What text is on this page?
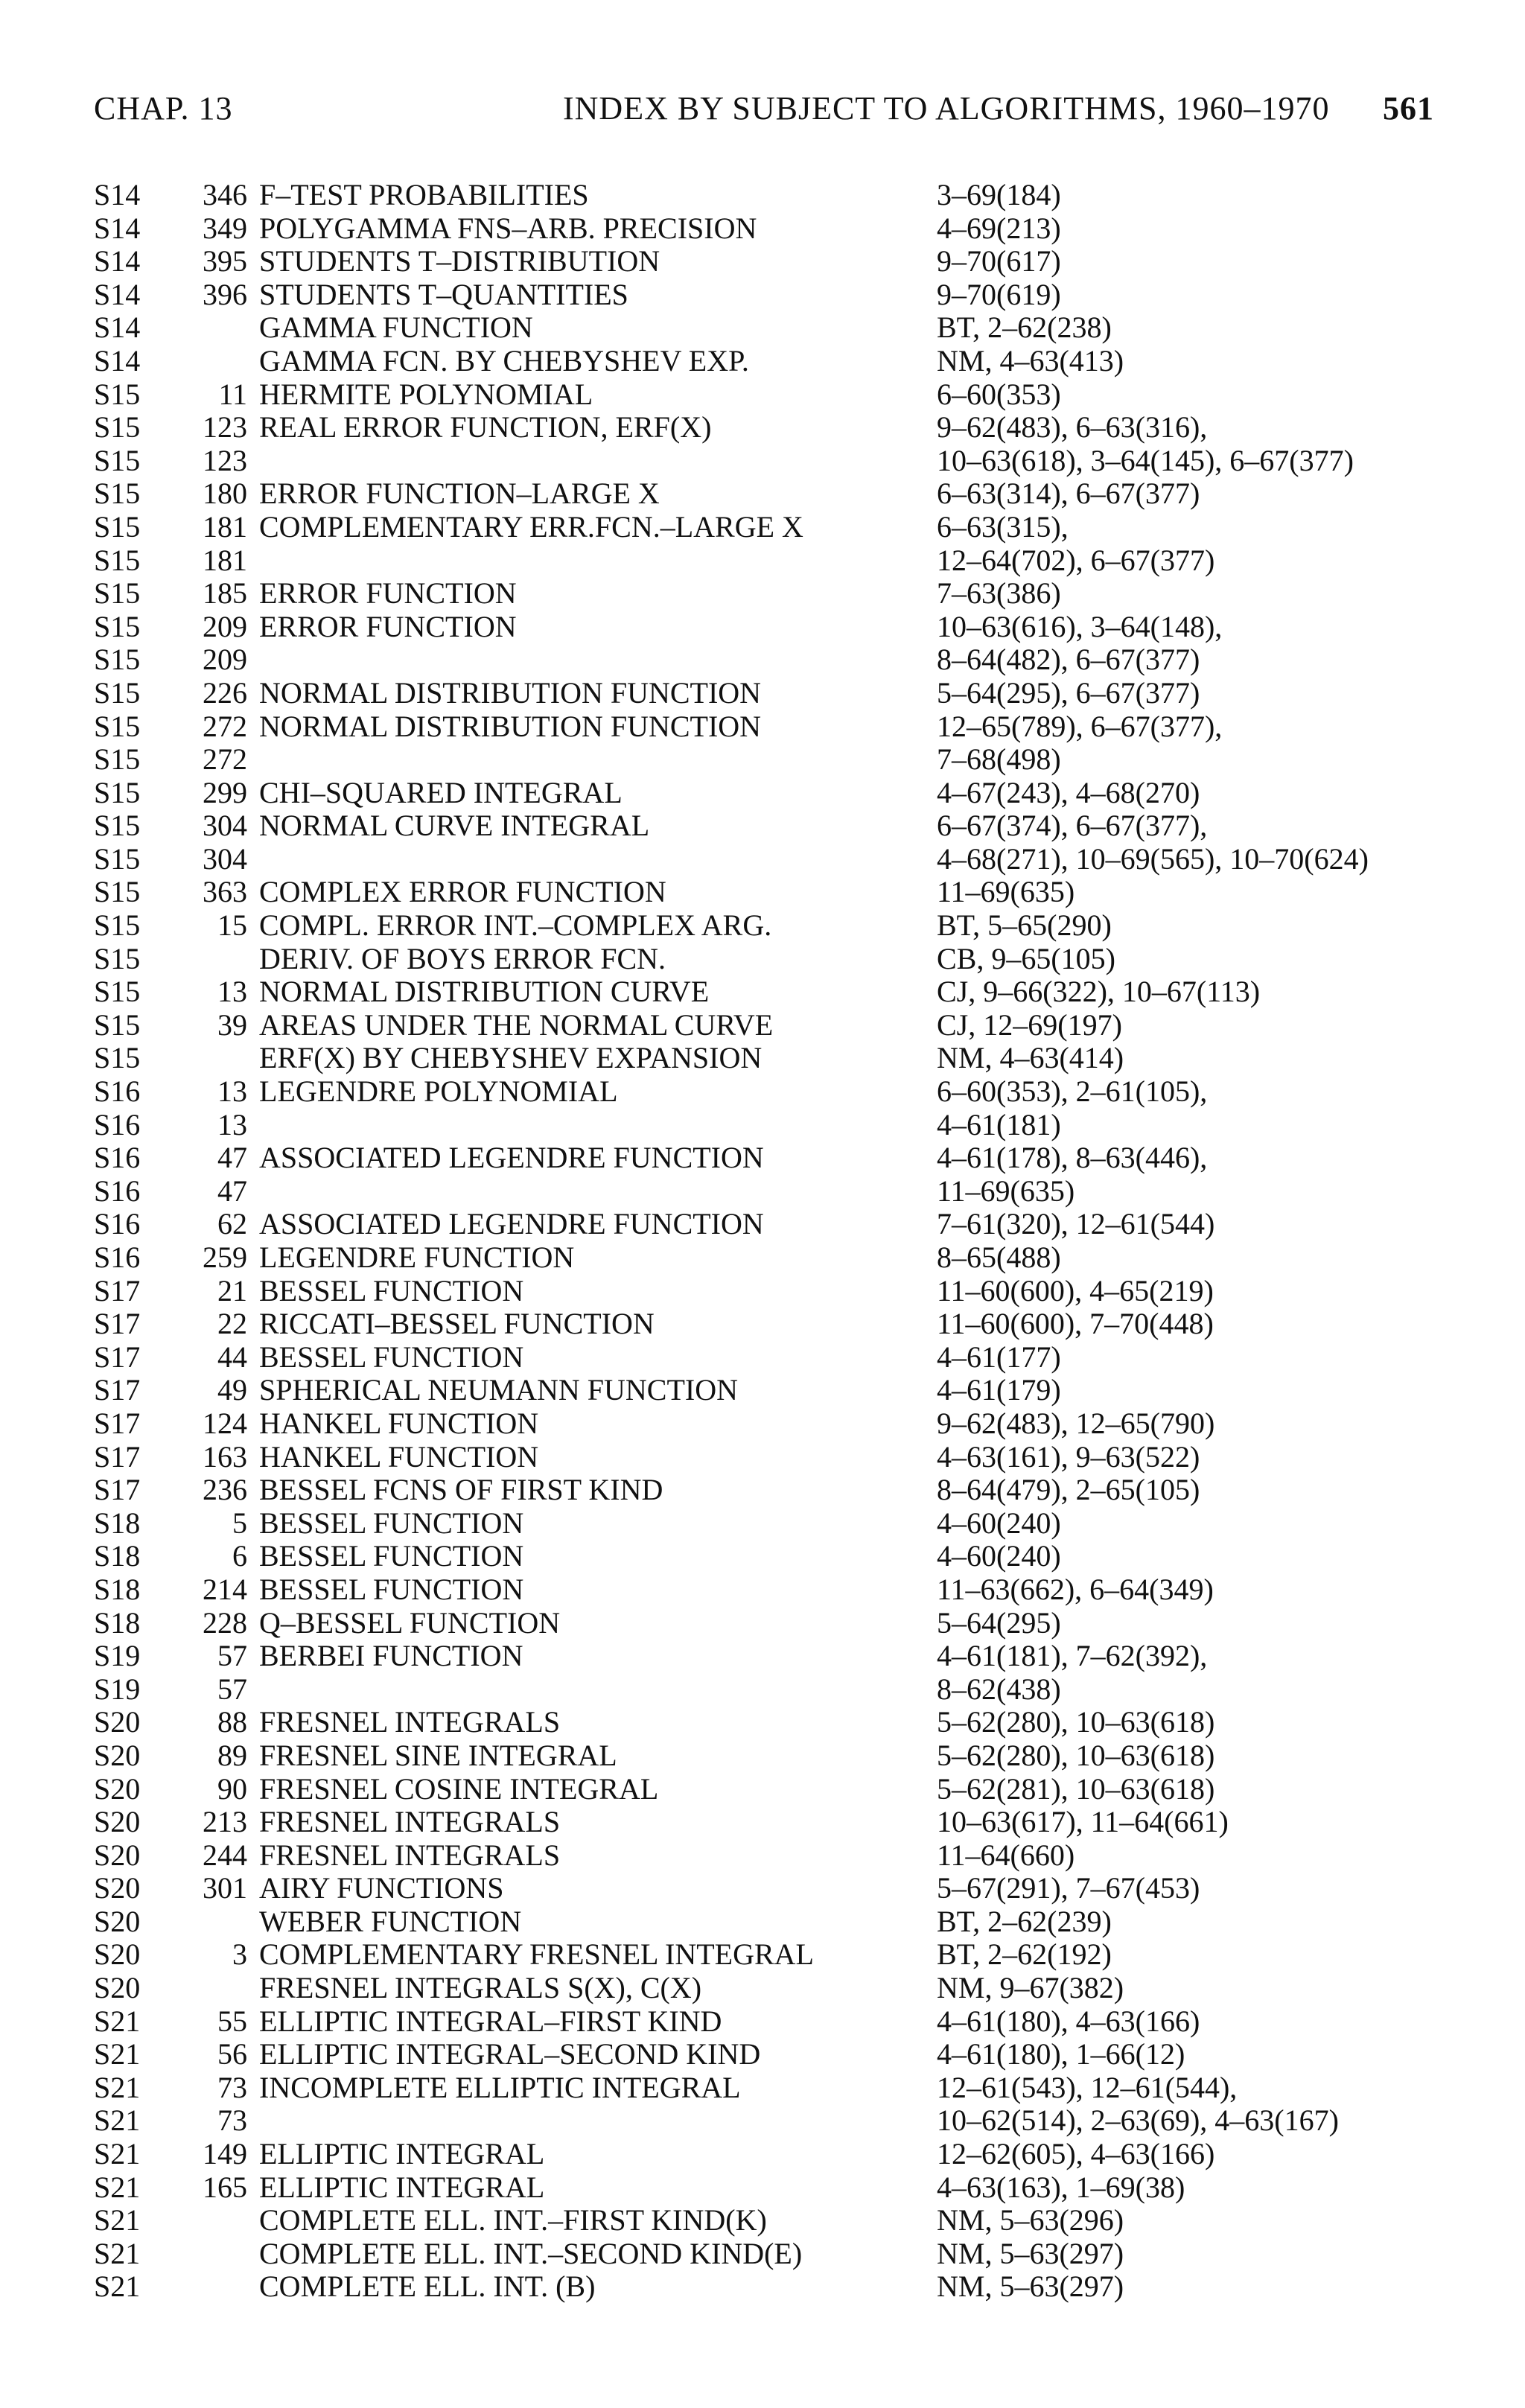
CHAP. 13	INDEX BY SUBJECT TO ALGORITHMS, 1960–1970 561
S14	346 F–TEST PROBABILITIES	3–69(184)
S14	349 POLYGAMMA FNS–ARB. PRECISION	4–69(213)
S14	395 STUDENTS T–DISTRIBUTION	9–70(617)
S14	396 STUDENTS T–QUANTITIES	9–70(619)
S14	GAMMA FUNCTION	BT, 2–62(238)
S14	GAMMA FCN. BY CHEBYSHEV EXP.	NM, 4–63(413)
S15	11 HERMITE POLYNOMIAL	6–60(353)
S15	123 REAL ERROR FUNCTION, ERF(X)	9–62(483), 6–63(316),
S15	123	10–63(618), 3–64(145), 6–67(377)
S15	180 ERROR FUNCTION–LARGE X	6–63(314), 6–67(377)
S15	181 COMPLEMENTARY ERR.FCN.–LARGE X	6–63(315),
S15	181	12–64(702), 6–67(377)
S15	185 ERROR FUNCTION	7–63(386)
S15	209 ERROR FUNCTION	10–63(616), 3–64(148),
S15	209	8–64(482), 6–67(377)
S15	226 NORMAL DISTRIBUTION FUNCTION	5–64(295), 6–67(377)
S15	272 NORMAL DISTRIBUTION FUNCTION	12–65(789), 6–67(377),
S15	272	7–68(498)
S15	299 CHI–SQUARED INTEGRAL	4–67(243), 4–68(270)
S15	304 NORMAL CURVE INTEGRAL	6–67(374), 6–67(377),
S15	304	4–68(271), 10–69(565), 10–70(624)
S15	363 COMPLEX ERROR FUNCTION	11–69(635)
S15	15 COMPL. ERROR INT.–COMPLEX ARG.	BT, 5–65(290)
S15	DERIV. OF BOYS ERROR FCN.	CB, 9–65(105)
S15	13 NORMAL DISTRIBUTION CURVE	CJ, 9–66(322), 10–67(113)
S15	39 AREAS UNDER THE NORMAL CURVE	CJ, 12–69(197)
S15	ERF(X) BY CHEBYSHEV EXPANSION	NM, 4–63(414)
S16	13 LEGENDRE POLYNOMIAL	6–60(353), 2–61(105),
S16	13	4–61(181)
S16	47 ASSOCIATED LEGENDRE FUNCTION	4–61(178), 8–63(446),
S16	47	11–69(635)
S16	62 ASSOCIATED LEGENDRE FUNCTION	7–61(320), 12–61(544)
S16	259 LEGENDRE FUNCTION	8–65(488)
S17	21 BESSEL FUNCTION	11–60(600), 4–65(219)
S17	22 RICCATI–BESSEL FUNCTION	11–60(600), 7–70(448)
S17	44 BESSEL FUNCTION	4–61(177)
S17	49 SPHERICAL NEUMANN FUNCTION	4–61(179)
S17	124 HANKEL FUNCTION	9–62(483), 12–65(790)
S17	163 HANKEL FUNCTION	4–63(161), 9–63(522)
S17	236 BESSEL FCNS OF FIRST KIND	8–64(479), 2–65(105)
S18	5 BESSEL FUNCTION	4–60(240)
S18	6 BESSEL FUNCTION	4–60(240)
S18	214 BESSEL FUNCTION	11–63(662), 6–64(349)
S18	228 Q–BESSEL FUNCTION	5–64(295)
S19	57 BERBEI FUNCTION	4–61(181), 7–62(392),
S19	57	8–62(438)
S20	88 FRESNEL INTEGRALS	5–62(280), 10–63(618)
S20	89 FRESNEL SINE INTEGRAL	5–62(280), 10–63(618)
S20	90 FRESNEL COSINE INTEGRAL	5–62(281), 10–63(618)
S20	213 FRESNEL INTEGRALS	10–63(617), 11–64(661)
S20	244 FRESNEL INTEGRALS	11–64(660)
S20	301 AIRY FUNCTIONS	5–67(291), 7–67(453)
S20	WEBER FUNCTION	BT, 2–62(239)
S20	3 COMPLEMENTARY FRESNEL INTEGRAL	BT, 2–62(192)
S20	FRESNEL INTEGRALS S(X), C(X)	NM, 9–67(382)
S21	55 ELLIPTIC INTEGRAL–FIRST KIND	4–61(180), 4–63(166)
S21	56 ELLIPTIC INTEGRAL–SECOND KIND	4–61(180), 1–66(12)
S21	73 INCOMPLETE ELLIPTIC INTEGRAL	12–61(543), 12–61(544),
S21	73	10–62(514), 2–63(69), 4–63(167)
S21	149 ELLIPTIC INTEGRAL	12–62(605), 4–63(166)
S21	165 ELLIPTIC INTEGRAL	4–63(163), 1–69(38)
S21	COMPLETE ELL. INT.–FIRST KIND(K)	NM, 5–63(296)
S21	COMPLETE ELL. INT.–SECOND KIND(E)	NM, 5–63(297)
S21	COMPLETE ELL. INT. (B)	NM, 5–63(297)
